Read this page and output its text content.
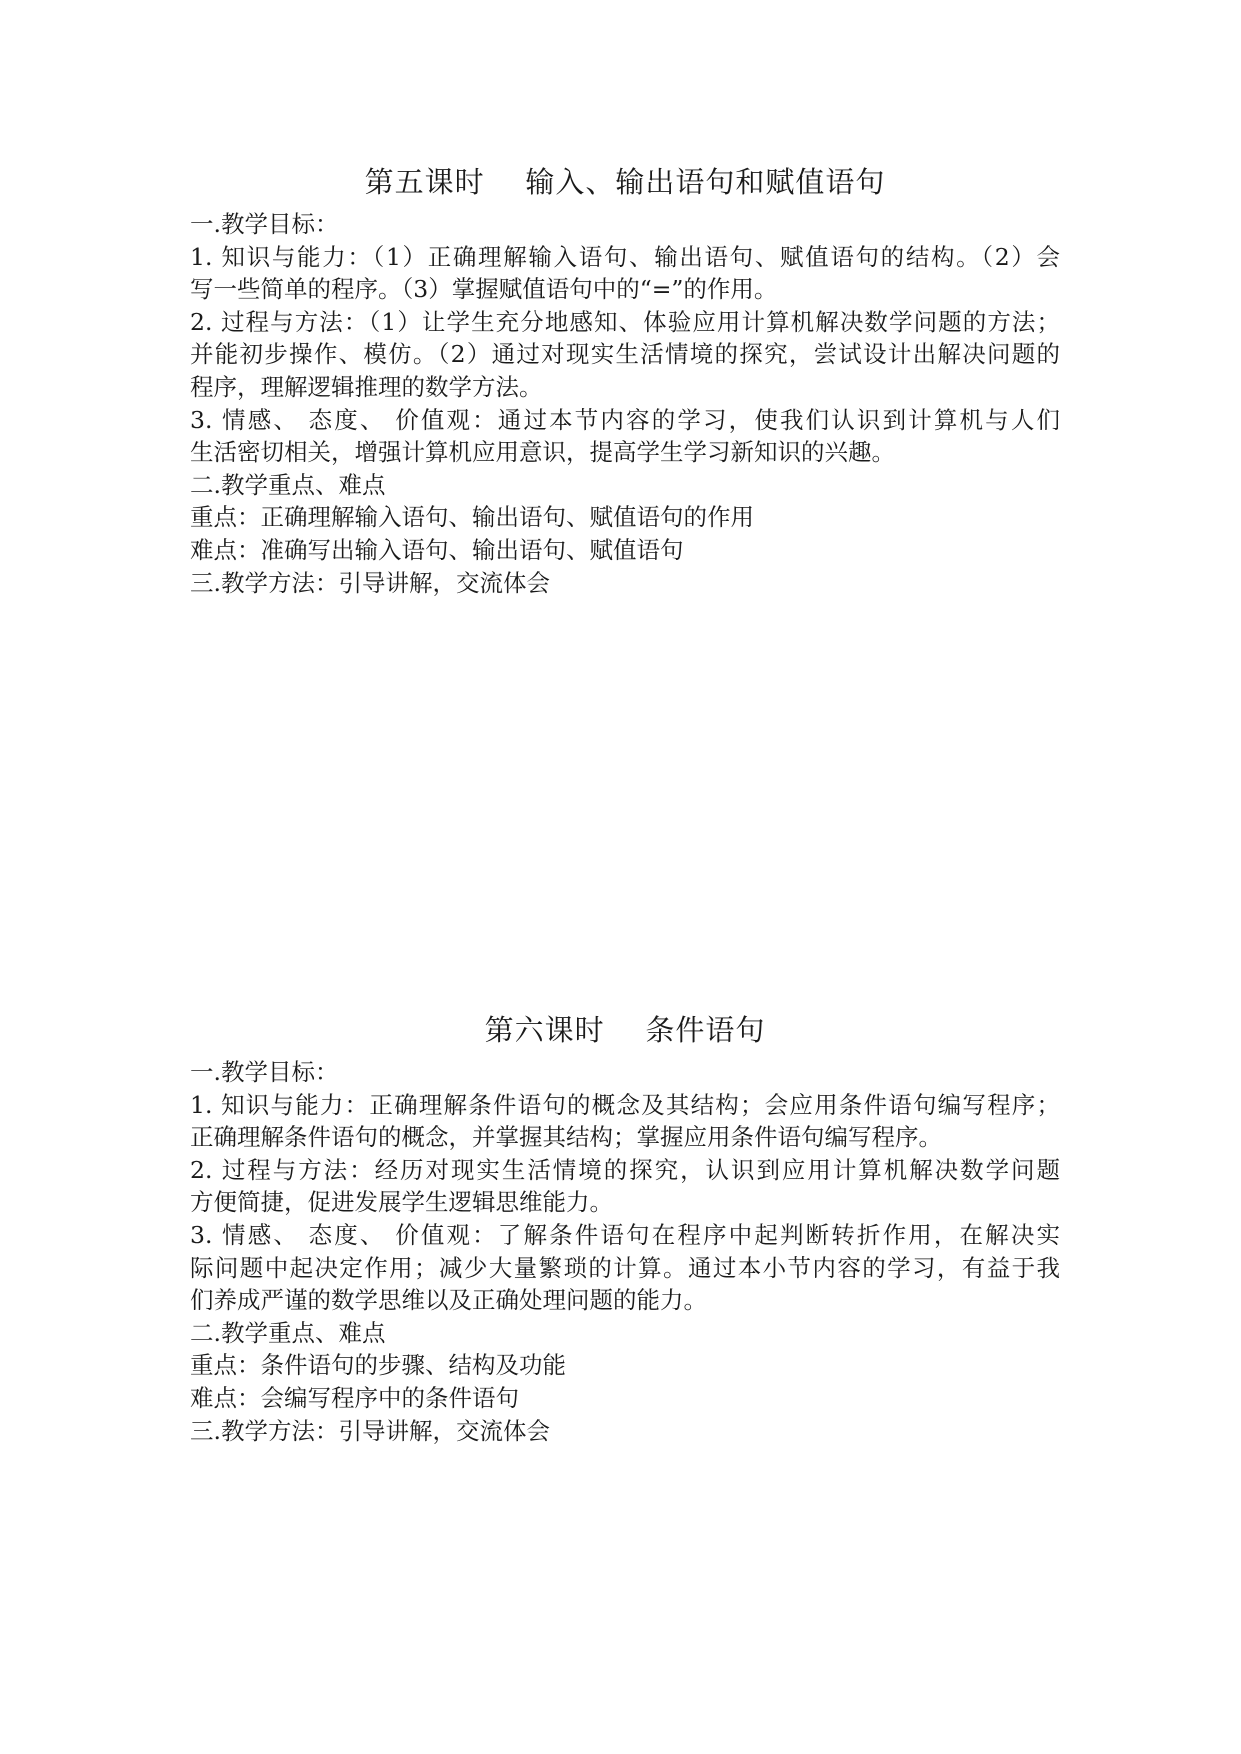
第五课时    输入、输出语句和赋值语句

一.教学目标：

1. 知识与能力：（1）正确理解输入语句、输出语句、赋值语句的结构。（2）会

写一些简单的程序。（3）掌握赋值语句中的“=”的作用。

2. 过程与方法：（1）让学生充分地感知、体验应用计算机解决数学问题的方法；

并能初步操作、模仿。（2）通过对现实生活情境的探究，尝试设计出解决问题的

程序，理解逻辑推理的数学方法。

3. 情感、 态度、 价值观：通过本节内容的学习，使我们认识到计算机与人们

生活密切相关，增强计算机应用意识，提高学生学习新知识的兴趣。

二.教学重点、难点

重点：正确理解输入语句、输出语句、赋值语句的作用

难点：准确写出输入语句、输出语句、赋值语句

三.教学方法：引导讲解，交流体会

第六课时    条件语句

一.教学目标：

1. 知识与能力：正确理解条件语句的概念及其结构；会应用条件语句编写程序；

正确理解条件语句的概念，并掌握其结构；掌握应用条件语句编写程序。

2. 过程与方法：经历对现实生活情境的探究，认识到应用计算机解决数学问题

方便简捷，促进发展学生逻辑思维能力。

3. 情感、 态度、 价值观：了解条件语句在程序中起判断转折作用，在解决实

际问题中起决定作用；减少大量繁琐的计算。通过本小节内容的学习，有益于我

们养成严谨的数学思维以及正确处理问题的能力。

二.教学重点、难点

重点：条件语句的步骤、结构及功能

难点：会编写程序中的条件语句

三.教学方法：引导讲解，交流体会
